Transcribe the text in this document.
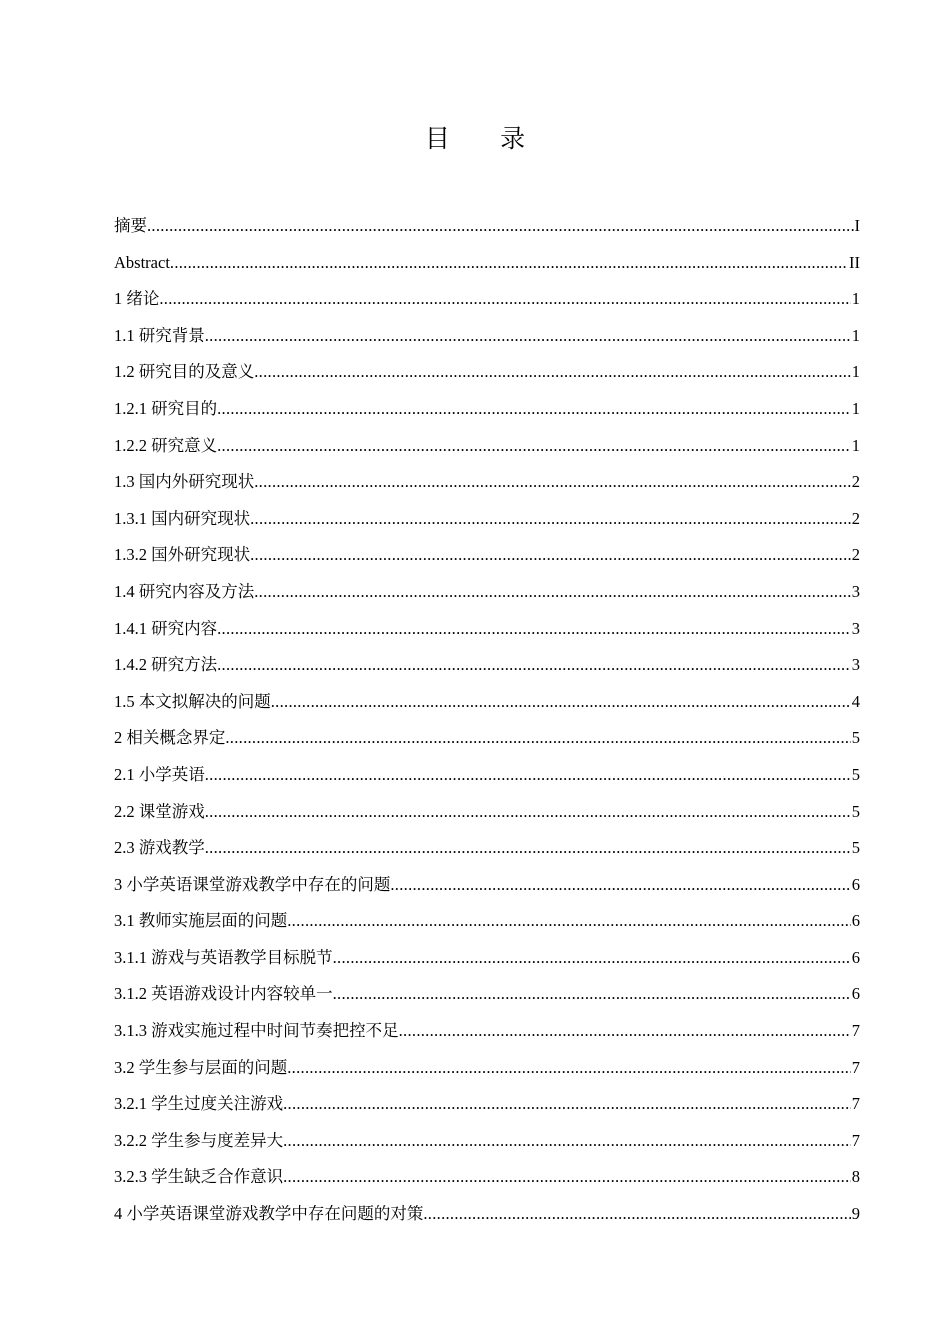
目 录
摘要 .....	I
Abstract .....	II
1 绪论 .....	1
1.1 研究背景 .....	1
1.2 研究目的及意义 .....	1
1.2.1 研究目的 .....	1
1.2.2 研究意义 .....	1
1.3 国内外研究现状 .....	2
1.3.1 国内研究现状 .....	2
1.3.2 国外研究现状 .....	2
1.4 研究内容及方法 .....	3
1.4.1 研究内容 .....	3
1.4.2 研究方法 .....	3
1.5 本文拟解决的问题 .....	4
2 相关概念界定 .....	5
2.1 小学英语 .....	5
2.2 课堂游戏 .....	5
2.3 游戏教学 .....	5
3 小学英语课堂游戏教学中存在的问题 .....	6
3.1 教师实施层面的问题 .....	6
3.1.1 游戏与英语教学目标脱节 .....	6
3.1.2 英语游戏设计内容较单一 .....	6
3.1.3 游戏实施过程中时间节奏把控不足 .....	7
3.2 学生参与层面的问题 .....	7
3.2.1 学生过度关注游戏 .....	7
3.2.2 学生参与度差异大 .....	7
3.2.3 学生缺乏合作意识 .....	8
4 小学英语课堂游戏教学中存在问题的对策 .....	9
